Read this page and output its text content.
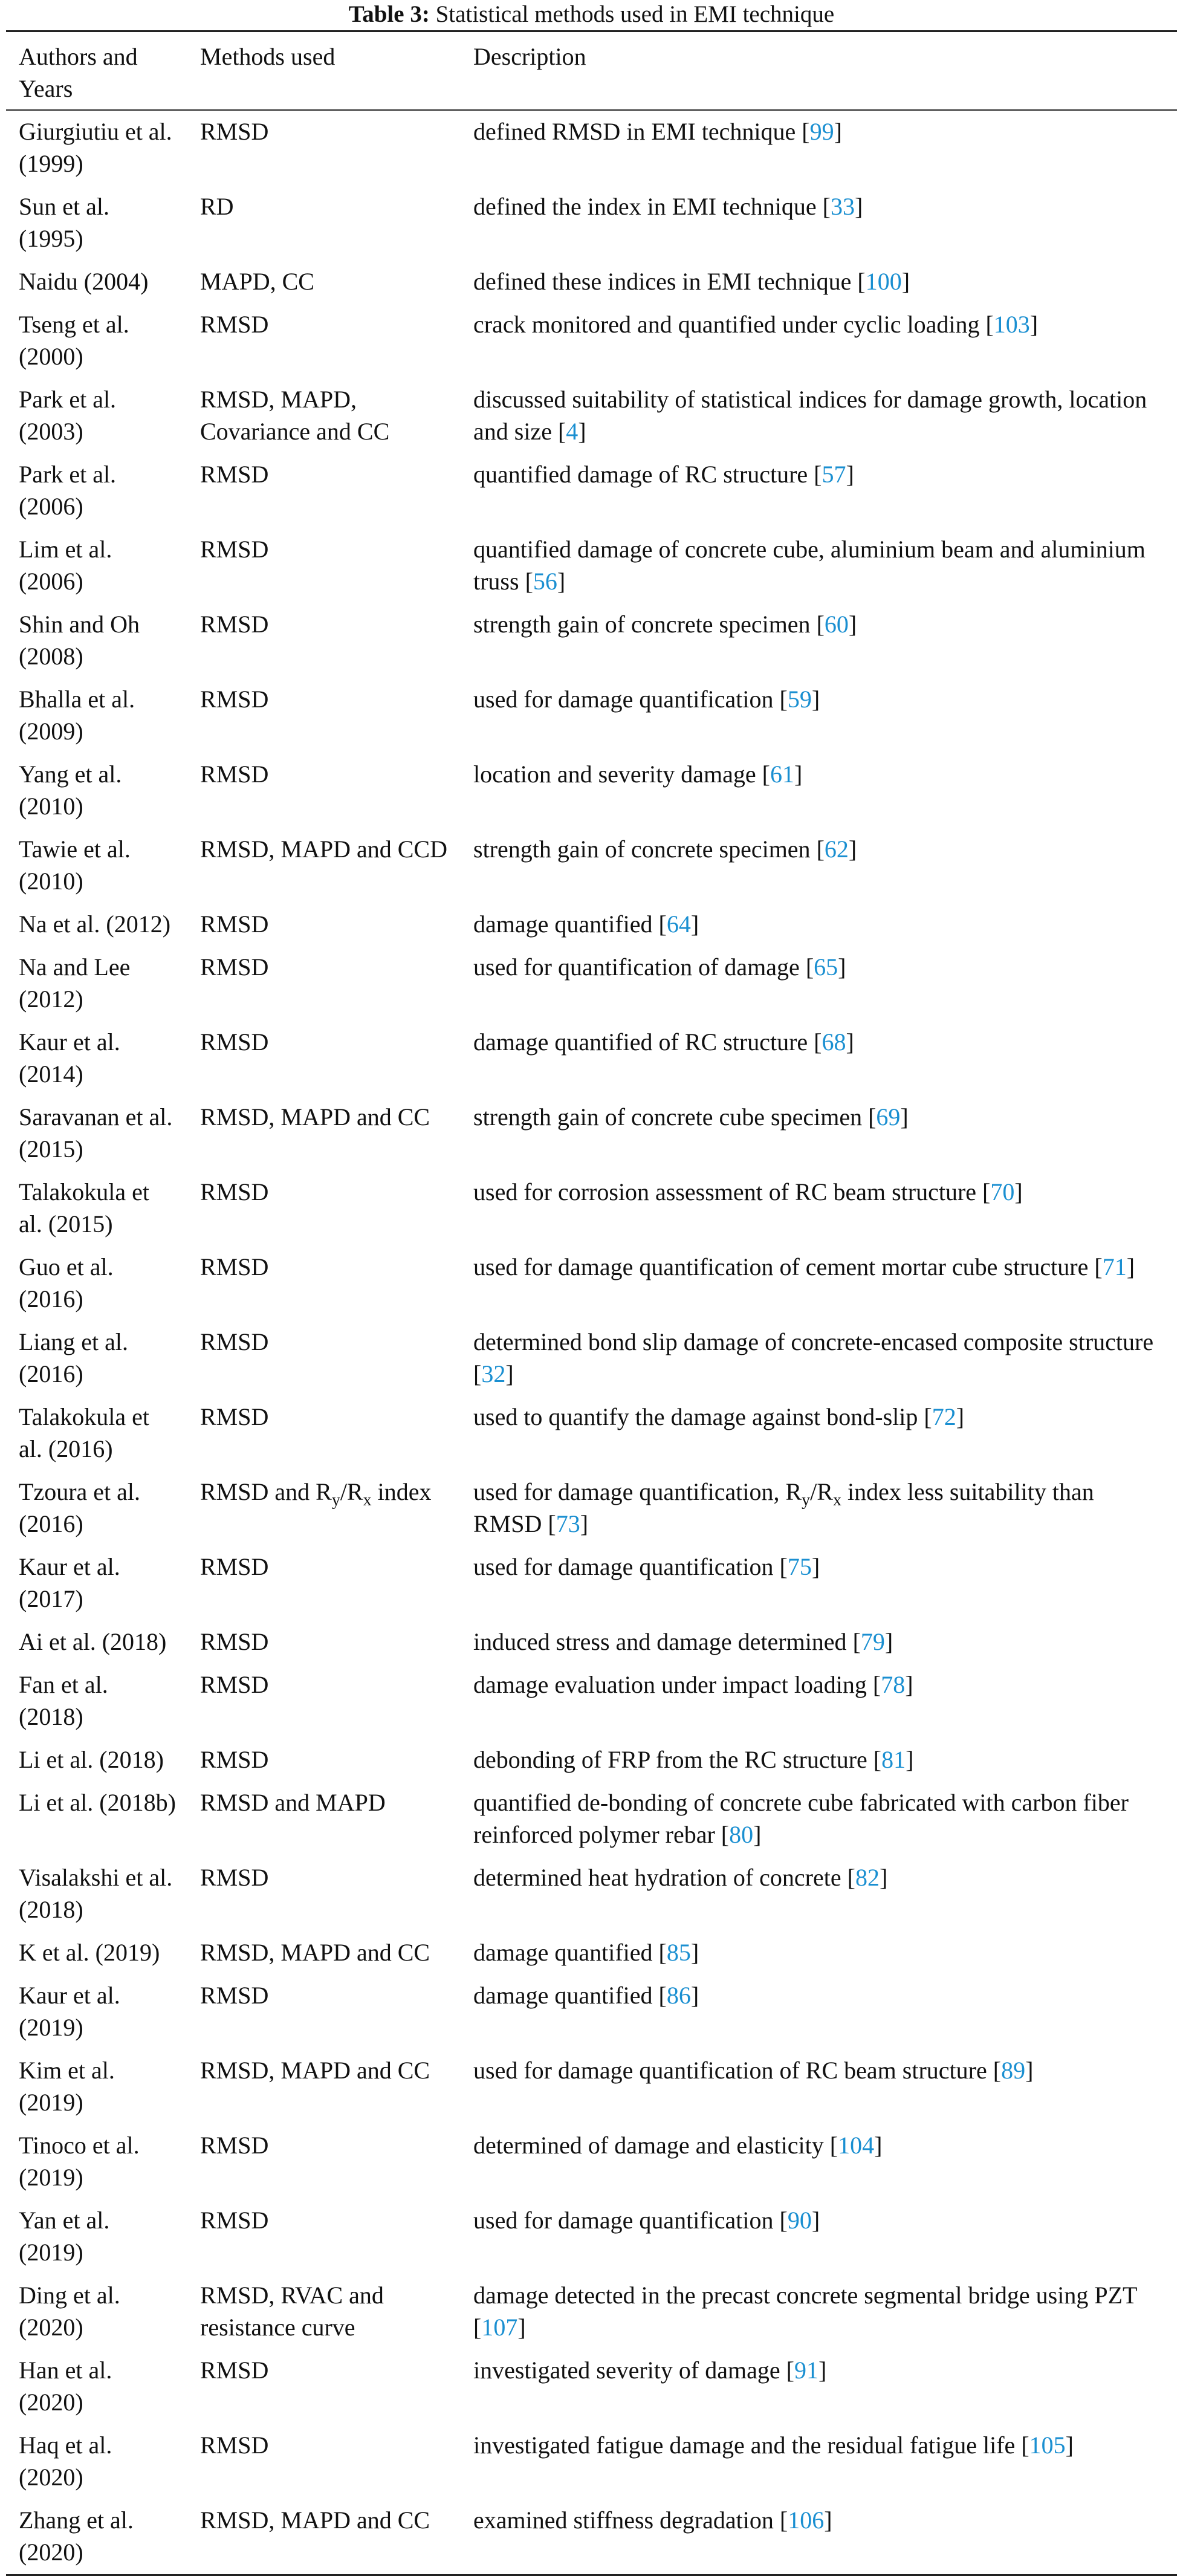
Table 3: Statistical methods used in EMI technique
Authors and Years	Methods used	Description
Giurgiutiu et al. (1999)	RMSD	defined RMSD in EMI technique [99]
Sun et al. (1995)	RD	defined the index in EMI technique [33]
Naidu (2004)	MAPD, CC	defined these indices in EMI technique [100]
Tseng et al. (2000)	RMSD	crack monitored and quantified under cyclic loading [103]
Park et al. (2003)	RMSD, MAPD, Covariance and CC	discussed suitability of statistical indices for damage growth, location and size [4]
Park et al. (2006)	RMSD	quantified damage of RC structure [57]
Lim et al. (2006)	RMSD	quantified damage of concrete cube, aluminium beam and aluminium truss [56]
Shin and Oh (2008)	RMSD	strength gain of concrete specimen [60]
Bhalla et al. (2009)	RMSD	used for damage quantification [59]
Yang et al. (2010)	RMSD	location and severity damage [61]
Tawie et al. (2010)	RMSD, MAPD and CCD	strength gain of concrete specimen [62]
Na et al. (2012)	RMSD	damage quantified [64]
Na and Lee (2012)	RMSD	used for quantification of damage [65]
Kaur et al. (2014)	RMSD	damage quantified of RC structure [68]
Saravanan et al. (2015)	RMSD, MAPD and CC	strength gain of concrete cube specimen [69]
Talakokula et al. (2015)	RMSD	used for corrosion assessment of RC beam structure [70]
Guo et al. (2016)	RMSD	used for damage quantification of cement mortar cube structure [71]
Liang et al. (2016)	RMSD	determined bond slip damage of concrete-encased composite structure [32]
Talakokula et al. (2016)	RMSD	used to quantify the damage against bond-slip [72]
Tzoura et al. (2016)	RMSD and $R_y/R_x$ index	used for damage quantification, $R_y/R_x$ index less suitability than RMSD [73]
Kaur et al. (2017)	RMSD	used for damage quantification [75]
Ai et al. (2018)	RMSD	induced stress and damage determined [79]
Fan et al. (2018)	RMSD	damage evaluation under impact loading [78]
Li et al. (2018)	RMSD	debonding of FRP from the RC structure [81]
Li et al. (2018b)	RMSD and MAPD	quantified de-bonding of concrete cube fabricated with carbon fiber reinforced polymer rebar [80]
Visalakshi et al. (2018)	RMSD	determined heat hydration of concrete [82]
K et al. (2019)	RMSD, MAPD and CC	damage quantified [85]
Kaur et al. (2019)	RMSD	damage quantified [86]
Kim et al. (2019)	RMSD, MAPD and CC	used for damage quantification of RC beam structure [89]
Tinoco et al. (2019)	RMSD	determined of damage and elasticity [104]
Yan et al. (2019)	RMSD	used for damage quantification [90]
Ding et al. (2020)	RMSD, RVAC and resistance curve	damage detected in the precast concrete segmental bridge using PZT [107]
Han et al. (2020)	RMSD	investigated severity of damage [91]
Haq et al. (2020)	RMSD	investigated fatigue damage and the residual fatigue life [105]
Zhang et al. (2020)	RMSD, MAPD and CC	examined stiffness degradation [106]
